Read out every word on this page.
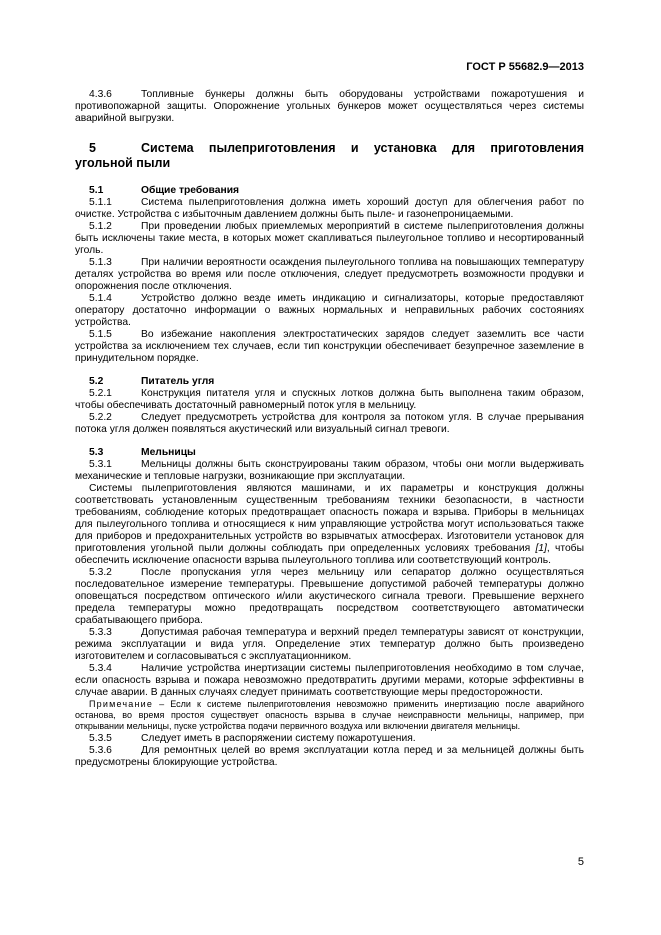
ГОСТ Р 55682.9—2013

4.3.6	Топливные бункеры должны быть оборудованы устройствами пожаротушения и противопожарной защиты. Опорожнение угольных бункеров может осуществляться через системы аварийной выгрузки.

5	Система пылеприготовления и установка для приготовления угольной пыли

5.1	Общие требования

5.1.1	Система пылеприготовления должна иметь хороший доступ для облегчения работ по очистке. Устройства с избыточным давлением должны быть пыле- и газонепроницаемыми.

5.1.2	При проведении любых приемлемых мероприятий в системе пылеприготовления должны быть исключены такие места, в которых может скапливаться пылеугольное топливо и несортированный уголь.

5.1.3	При наличии вероятности осаждения пылеугольного топлива на повышающих температуру деталях устройства во время или после отключения, следует предусмотреть возможности продувки и опорожнения после отключения.

5.1.4	Устройство должно везде иметь индикацию и сигнализаторы, которые предоставляют оператору достаточно информации о важных нормальных и неправильных рабочих состояниях устройства.

5.1.5	Во избежание накопления электростатических зарядов следует заземлить все части устройства за исключением тех случаев, если тип конструкции обеспечивает безупречное заземление в принудительном порядке.

5.2	Питатель угля

5.2.1	Конструкция питателя угля и спускных лотков должна быть выполнена таким образом, чтобы обеспечивать достаточный равномерный поток угля в мельницу.

5.2.2	Следует предусмотреть устройства для контроля за потоком угля. В случае прерывания потока угля должен появляться акустический или визуальный сигнал тревоги.

5.3	Мельницы

5.3.1	Мельницы должны быть сконструированы таким образом, чтобы они могли выдерживать механические и тепловые нагрузки, возникающие при эксплуатации.

Системы пылеприготовления являются машинами, и их параметры и конструкция должны соответствовать установленным существенным требованиям техники безопасности, в частности требованиям, соблюдение которых предотвращает опасность пожара и взрыва. Приборы в мельницах для пылеугольного топлива и относящиеся к ним управляющие устройства могут использоваться также для приборов и предохранительных устройств во взрывчатых атмосферах. Изготовители установок для приготовления угольной пыли должны соблюдать при определенных условиях требования [1], чтобы обеспечить исключение опасности взрыва пылеугольного топлива или соответствующий контроль.

5.3.2	После пропускания угля через мельницу или сепаратор должно осуществляться последовательное измерение температуры. Превышение допустимой рабочей температуры должно оповещаться посредством оптического и/или акустического сигнала тревоги. Превышение верхнего предела температуры можно предотвращать посредством соответствующего автоматически срабатывающего прибора.

5.3.3	Допустимая рабочая температура и верхний предел температуры зависят от конструкции, режима эксплуатации и вида угля. Определение этих температур должно быть произведено изготовителем и согласовываться с эксплуатационником.

5.3.4	Наличие устройства инертизации системы пылеприготовления необходимо в том случае, если опасность взрыва и пожара невозможно предотвратить другими мерами, которые эффективны в случае аварии. В данных случаях следует принимать соответствующие меры предосторожности.

Примечание – Если к системе пылеприготовления невозможно применить инертизацию после аварийного останова, во время простоя существует опасность взрыва в случае неисправности мельницы, например, при открывании мельницы, пуске устройства подачи первичного воздуха или включении двигателя мельницы.

5.3.5	Следует иметь в распоряжении систему пожаротушения.

5.3.6	Для ремонтных целей во время эксплуатации котла перед и за мельницей должны быть предусмотрены блокирующие устройства.

5
